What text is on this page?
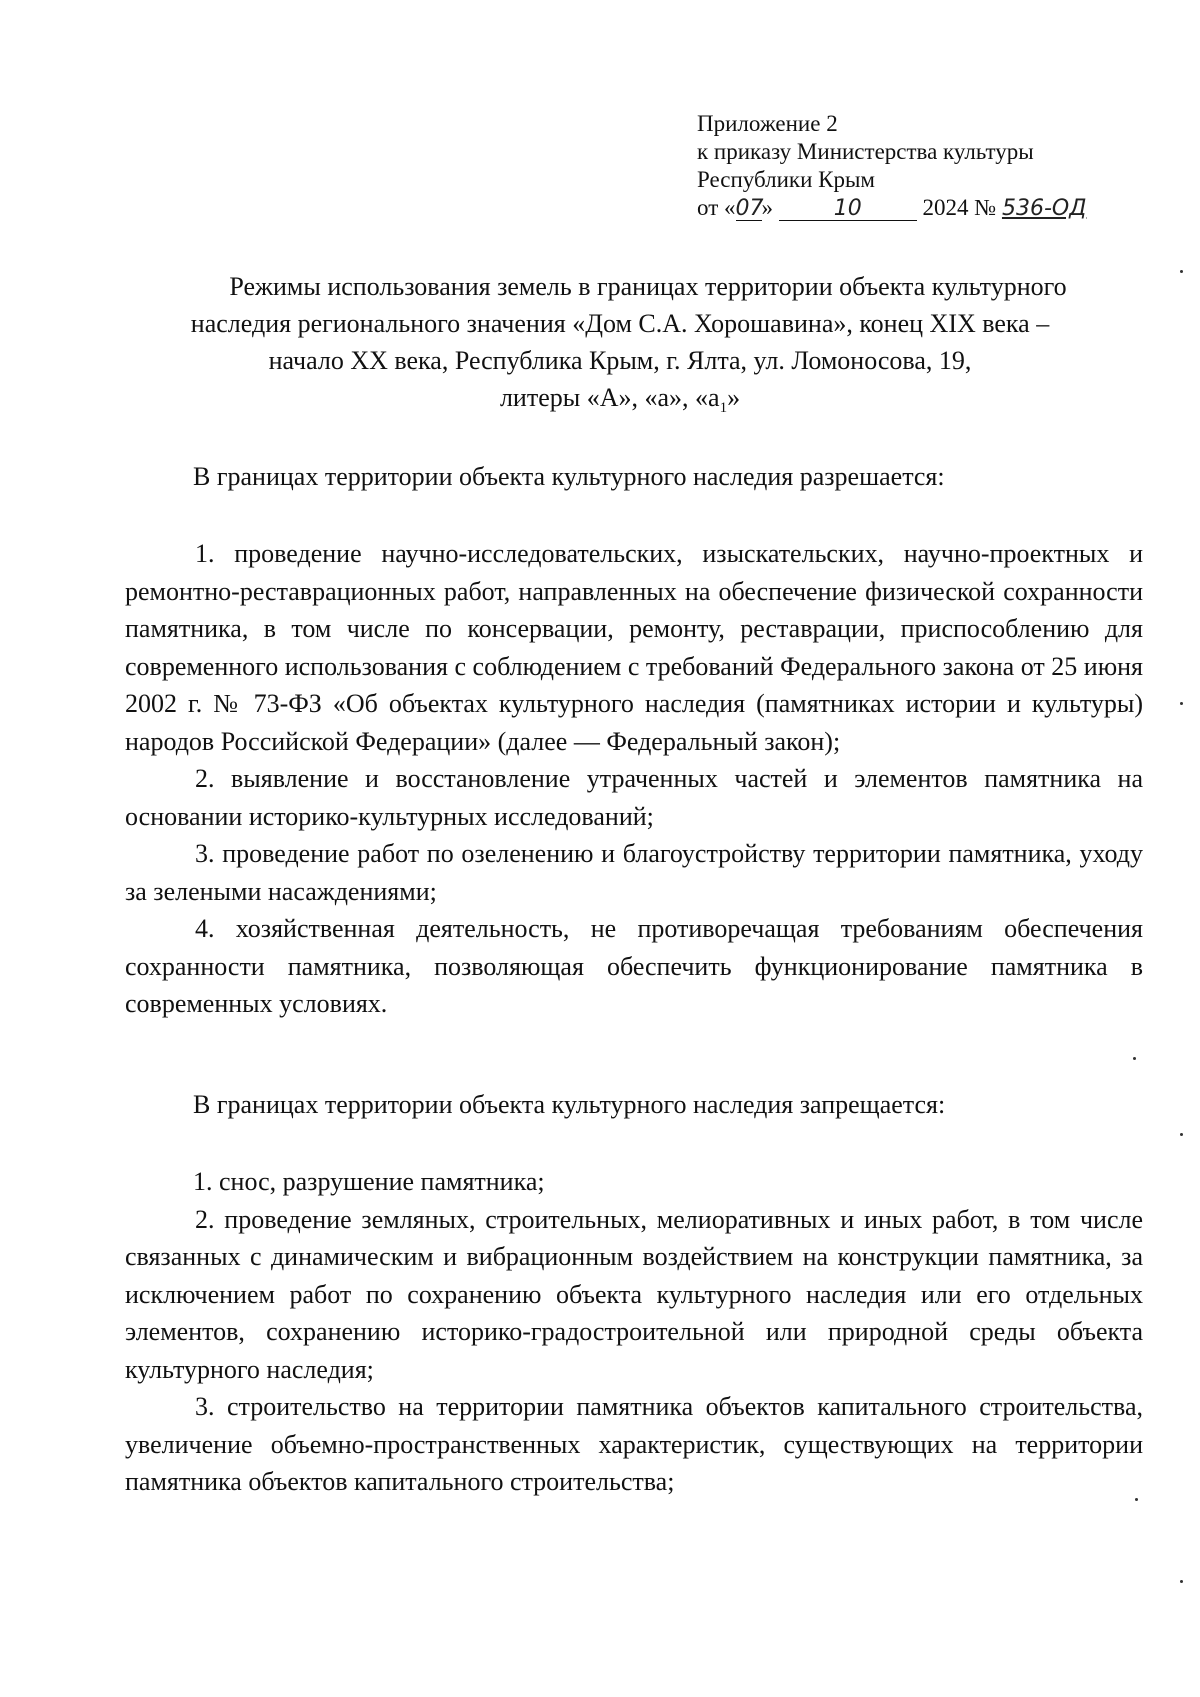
Приложение 2
к приказу Министерства культуры
Республики Крым
от «07»	10	2024 № 536-ОД
Режимы использования земель в границах территории объекта культурного
наследия регионального значения «Дом С.А. Хорошавина», конец XIX века –
начало XX века, Республика Крым, г. Ялта, ул. Ломоносова, 19,
литеры «А», «а», «$а_1$»
В границах территории объекта культурного наследия разрешается:

1. проведение научно-исследовательских, изыскательских, научно-проектных и ремонтно-реставрационных работ, направленных на обеспечение физической сохранности памятника, в том числе по консервации, ремонту, реставрации, приспособлению для современного использования с соблюдением с требований Федерального закона от 25 июня 2002 г. № 73-ФЗ «Об объектах культурного наследия (памятниках истории и культуры) народов Российской Федерации» (далее — Федеральный закон);

2. выявление и восстановление утраченных частей и элементов памятника на основании историко-культурных исследований;

3. проведение работ по озеленению и благоустройству территории памятника, уходу за зелеными насаждениями;

4. хозяйственная деятельность, не противоречащая требованиям обеспечения сохранности памятника, позволяющая обеспечить функционирование памятника в современных условиях.

В границах территории объекта культурного наследия запрещается:

1. снос, разрушение памятника;

2. проведение земляных, строительных, мелиоративных и иных работ, в том числе связанных с динамическим и вибрационным воздействием на конструкции памятника, за исключением работ по сохранению объекта культурного наследия или его отдельных элементов, сохранению историко-градостроительной или природной среды объекта культурного наследия;

3. строительство на территории памятника объектов капитального строительства, увеличение объемно-пространственных характеристик, существующих на территории памятника объектов капитального строительства;
